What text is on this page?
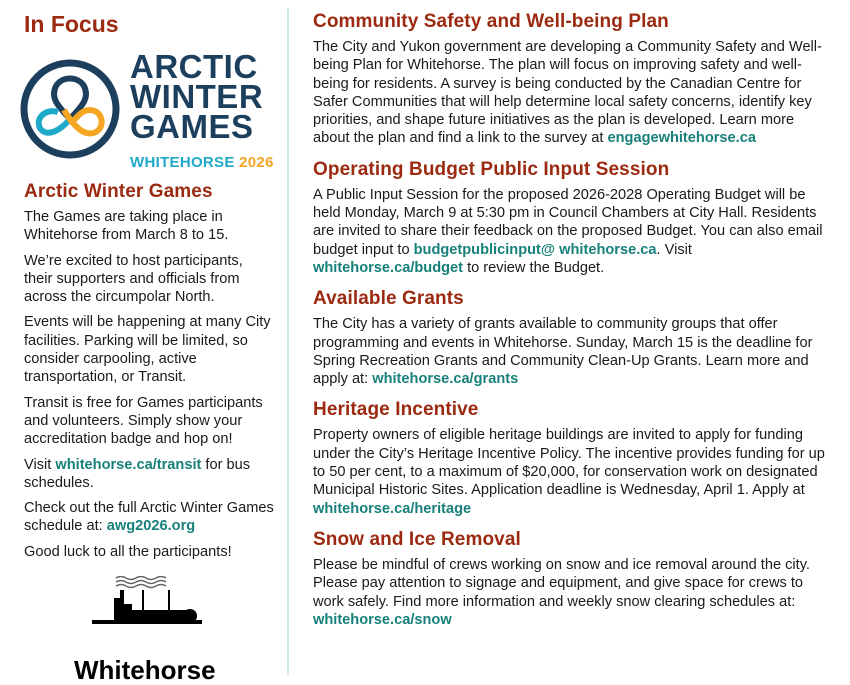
In Focus
ARCTIC
WINTER
GAMES
WHITEHORSE 2026
Arctic Winter Games

The Games are taking place in Whitehorse from March 8 to 15.

We’re excited to host participants, their supporters and officials from across the circumpolar North.

Events will be happening at many City facilities. Parking will be limited, so consider carpooling, active transportation, or Transit.

Transit is free for Games participants and volunteers. Simply show your accreditation badge and hop on!

Visit whitehorse.ca/transit for bus schedules.

Check out the full Arctic Winter Games schedule at: awg2026.org

Good luck to all the participants!

Whitehorse
Community Safety and Well-being Plan

The City and Yukon government are developing a Community Safety and Well-being Plan for Whitehorse. The plan will focus on improving safety and well-being for residents. A survey is being conducted by the Canadian Centre for Safer Communities that will help determine local safety concerns, identify key priorities, and shape future initiatives as the plan is developed. Learn more about the plan and find a link to the survey at engagewhitehorse.ca

Operating Budget Public Input Session

A Public Input Session for the proposed 2026-2028 Operating Budget will be held Monday, March 9 at 5:30 pm in Council Chambers at City Hall. Residents are invited to share their feedback on the proposed Budget. You can also email budget input to budgetpublicinput@ whitehorse.ca. Visit whitehorse.ca/budget to review the Budget.

Available Grants

The City has a variety of grants available to community groups that offer programming and events in Whitehorse. Sunday, March 15 is the deadline for Spring Recreation Grants and Community Clean-Up Grants. Learn more and apply at: whitehorse.ca/grants

Heritage Incentive

Property owners of eligible heritage buildings are invited to apply for funding under the City’s Heritage Incentive Policy. The incentive provides funding for up to 50 per cent, to a maximum of $20,000, for conservation work on designated Municipal Historic Sites. Application deadline is Wednesday, April 1. Apply at whitehorse.ca/heritage

Snow and Ice Removal

Please be mindful of crews working on snow and ice removal around the city. Please pay attention to signage and equipment, and give space for crews to work safely. Find more information and weekly snow clearing schedules at: whitehorse.ca/snow
